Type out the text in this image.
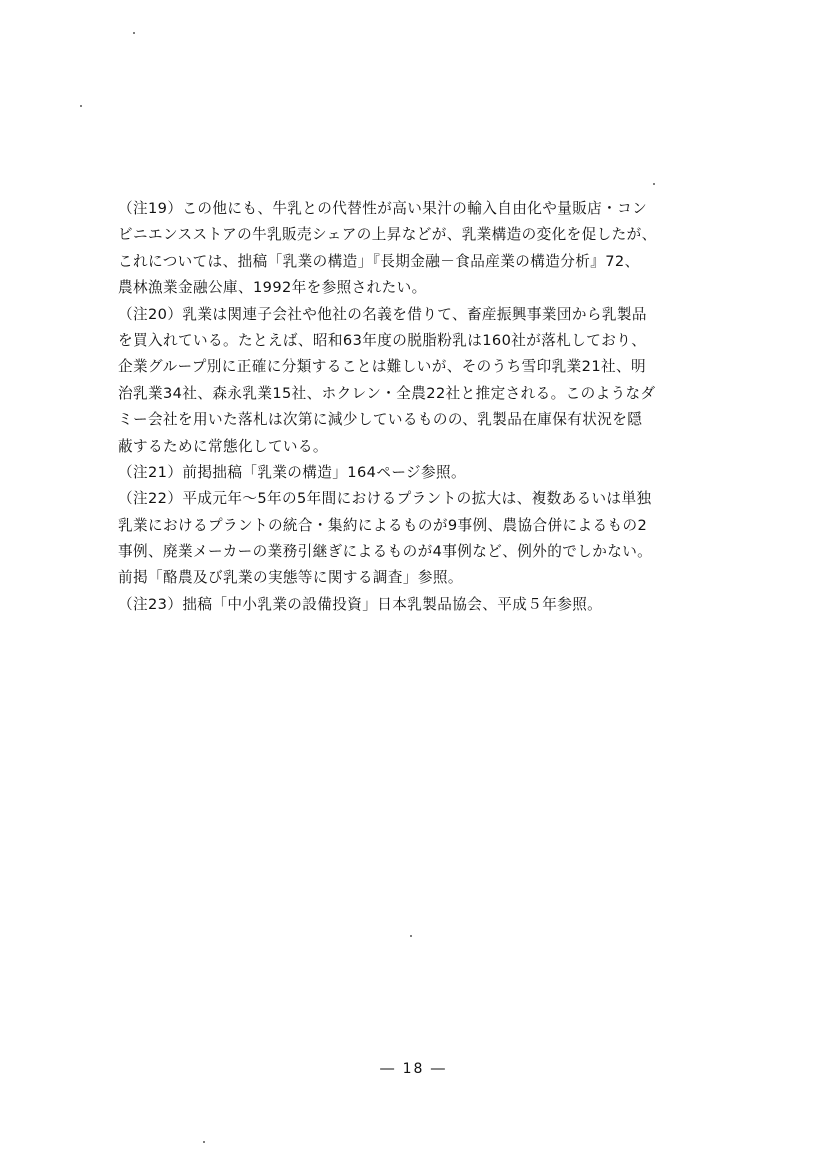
（注19）この他にも、牛乳との代替性が高い果汁の輸入自由化や量販店・コン
ビニエンスストアの牛乳販売シェアの上昇などが、乳業構造の変化を促したが、
これについては、拙稿「乳業の構造」『長期金融－食品産業の構造分析』72、
農林漁業金融公庫、1992年を参照されたい。
（注20）乳業は関連子会社や他社の名義を借りて、畜産振興事業団から乳製品
を買入れている。たとえば、昭和63年度の脱脂粉乳は160社が落札しており、
企業グループ別に正確に分類することは難しいが、そのうち雪印乳業21社、明
治乳業34社、森永乳業15社、ホクレン・全農22社と推定される。このようなダ
ミー会社を用いた落札は次第に減少しているものの、乳製品在庫保有状況を隠
蔽するために常態化している。
（注21）前掲拙稿「乳業の構造」164ページ参照。
（注22）平成元年～5年の5年間におけるプラントの拡大は、複数あるいは単独
乳業におけるプラントの統合・集約によるものが9事例、農協合併によるもの2
事例、廃業メーカーの業務引継ぎによるものが4事例など、例外的でしかない。
前掲「酪農及び乳業の実態等に関する調査」参照。
（注23）拙稿「中小乳業の設備投資」日本乳製品協会、平成５年参照。
― 18 ―
